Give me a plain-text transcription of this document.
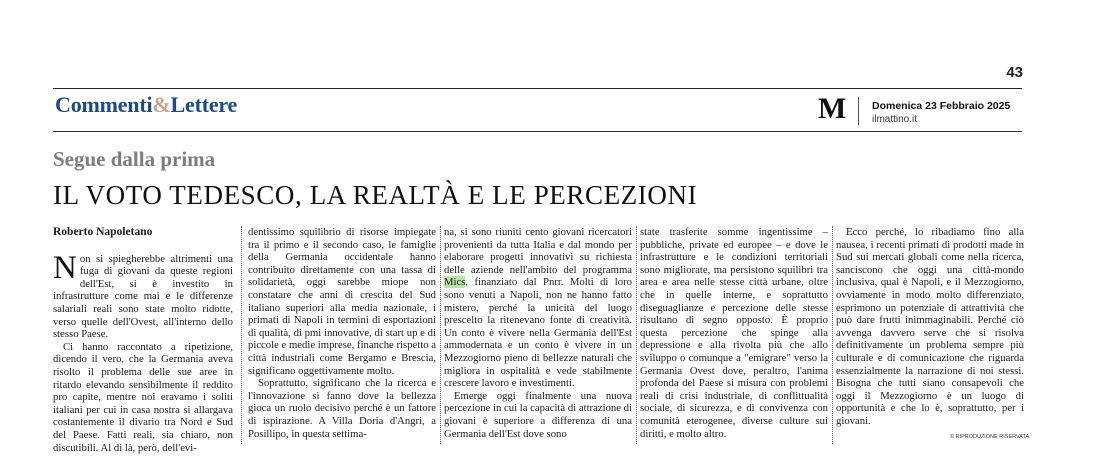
43
Commenti&Lettere	M Domenica 23 Febbraio 2025
ilmattino.it
Segue dalla prima
IL VOTO TEDESCO, LA REALTÀ E LE PERCEZIONI

Roberto Napoletano

Non si spiegherebbe altrimenti una fuga di giovani da queste regioni dell'Est, si è investito in infrastrutture come mai e le differenze salariali reali sono state molto ridotte, verso quelle dell'Ovest, all'interno dello stesso Paese.

Ci hanno raccontato a ripetizione, dicendo il vero, che la Germania aveva risolto il problema delle sue aree in ritardo elevando sensibilmente il reddito pro capite, mentre noi eravamo i soliti italiani per cui in casa nostra si allargava costantemente il divario tra Nord e Sud del Paese. Fatti reali, sia chiaro, non discutibili. Al di là, però, dell'evi-

dentissimo squilibrio di risorse impiegate tra il primo e il secondo caso, le famiglie della Germania occidentale hanno contribuito direttamente con una tassa di solidarietà, oggi sarebbe miope non constatare che anni di crescita del Sud italiano superiori alla media nazionale, i primati di Napoli in termini di esportazioni di qualità, di pmi innovative, di start up e di piccole e medie imprese, finanche rispetto a città industriali come Bergamo e Brescia, significano oggettivamente molto.

Soprattutto, significano che la ricerca e l'innovazione si fanno dove la bellezza gioca un ruolo decisivo perché è un fattore di ispirazione. A Villa Doria d'Angri, a Posillipo, in questa settima-

na, si sono riuniti cento giovani ricercatori provenienti da tutta Italia e dal mondo per elaborare progetti innovativi su richiesta delle aziende nell'ambito del programma Mics, finanziato dal Pnrr. Molti di loro sono venuti a Napoli, non ne hanno fatto mistero, perché la unicità del luogo prescelto la ritenevano fonte di creatività. Un conto è vivere nella Germania dell'Est ammodernata e un conto è vivere in un Mezzogiorno pieno di bellezze naturali che migliora in ospitalità e vede stabilmente crescere lavoro e investimenti.

Emerge oggi finalmente una nuova percezione in cui la capacità di attrazione di giovani è superiore a differenza di una Germania dell'Est dove sono

state trasferite somme ingentissime – pubbliche, private ed europee – e dove le infrastrutture e le condizioni territoriali sono migliorate, ma persistono squilibri tra area e area nelle stesse città urbane, oltre che in quelle interne, e soprattutto diseguaglianze e percezione delle stesse risultano di segno opposto. È proprio questa percezione che spinge alla depressione e alla rivolta più che allo sviluppo o comunque a "emigrare" verso la Germania Ovest dove, peraltro, l'anima profonda del Paese si misura con problemi reali di crisi industriale, di conflittualità sociale, di sicurezza, e di convivenza con comunità eterogenee, diverse culture sui diritti, e molto altro.

Ecco perché, lo ribadiamo fino alla nausea, i recenti primati di prodotti made in Sud sui mercati globali come nella ricerca, sanciscono che oggi una città-mondo inclusiva, qual è Napoli, e il Mezzogiorno, ovviamente in modo molto differenziato, esprimono un potenziale di attrattività che può dare frutti inimmaginabili. Perché ciò avvenga davvero serve che si risolva definitivamente un problema sempre più culturale e di comunicazione che riguarda essenzialmente la narrazione di noi stessi. Bisogna che tutti siano consapevoli che oggi il Mezzogiorno è un luogo di opportunità e che lo è, soprattutto, per i giovani.

© RIPRODUZIONE RISERVATA
